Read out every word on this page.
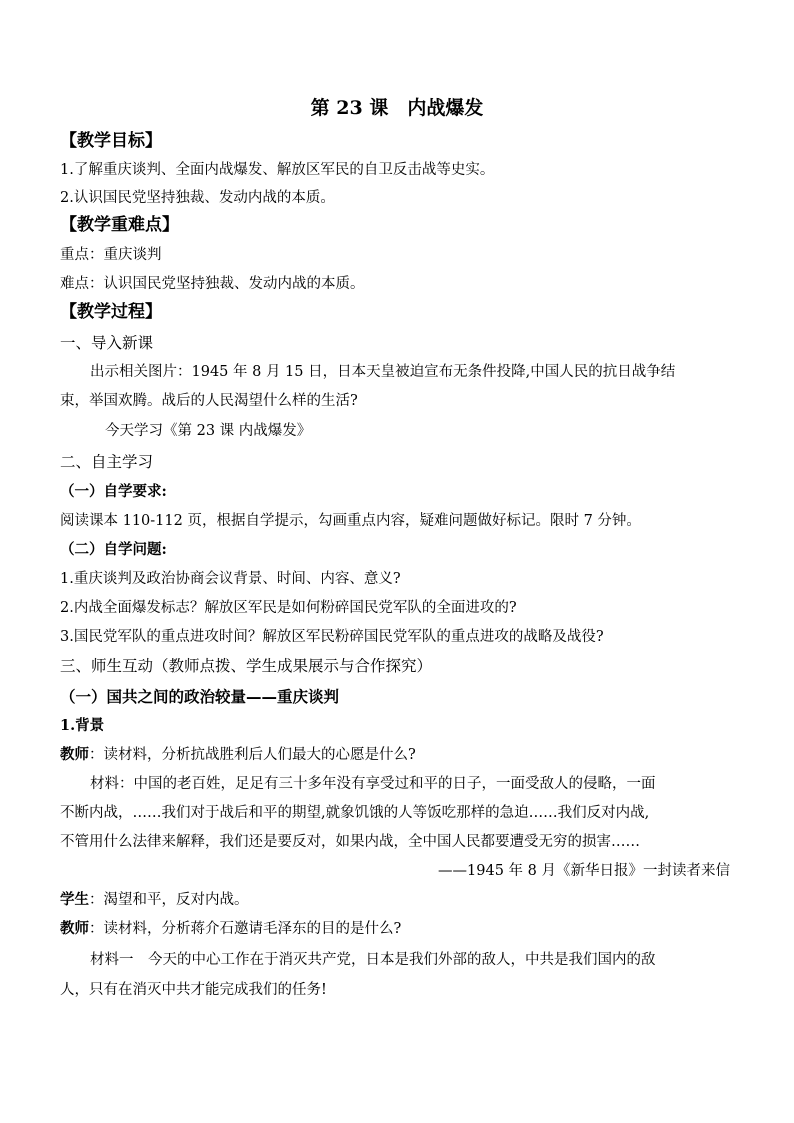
第 23 课　内战爆发
【教学目标】
1.了解重庆谈判、全面内战爆发、解放区军民的自卫反击战等史实。
2.认识国民党坚持独裁、发动内战的本质。
【教学重难点】
重点：重庆谈判
难点：认识国民党坚持独裁、发动内战的本质。
【教学过程】
一、导入新课
出示相关图片：1945 年 8 月 15 日，日本天皇被迫宣布无条件投降,中国人民的抗日战争结
束，举国欢腾。战后的人民渴望什么样的生活?
今天学习《第 23 课 内战爆发》
二、自主学习
（一）自学要求:
阅读课本 110-112 页，根据自学提示，勾画重点内容，疑难问题做好标记。限时 7 分钟。
（二）自学问题:
1.重庆谈判及政治协商会议背景、时间、内容、意义?
2.内战全面爆发标志？解放区军民是如何粉碎国民党军队的全面进攻的?
3.国民党军队的重点进攻时间？解放区军民粉碎国民党军队的重点进攻的战略及战役?
三、师生互动（教师点拨、学生成果展示与合作探究）
（一）国共之间的政治较量——重庆谈判
1.背景
教师：读材料，分析抗战胜利后人们最大的心愿是什么?
材料：中国的老百姓，足足有三十多年没有享受过和平的日子，一面受敌人的侵略，一面
不断内战，……我们对于战后和平的期望,就象饥饿的人等饭吃那样的急迫……我们反对内战,
不管用什么法律来解释，我们还是要反对，如果内战，全中国人民都要遭受无穷的损害……
——1945 年 8 月《新华日报》一封读者来信
学生：渴望和平，反对内战。
教师：读材料，分析蒋介石邀请毛泽东的目的是什么?
材料一　今天的中心工作在于消灭共产党，日本是我们外部的敌人，中共是我们国内的敌
人，只有在消灭中共才能完成我们的任务!
